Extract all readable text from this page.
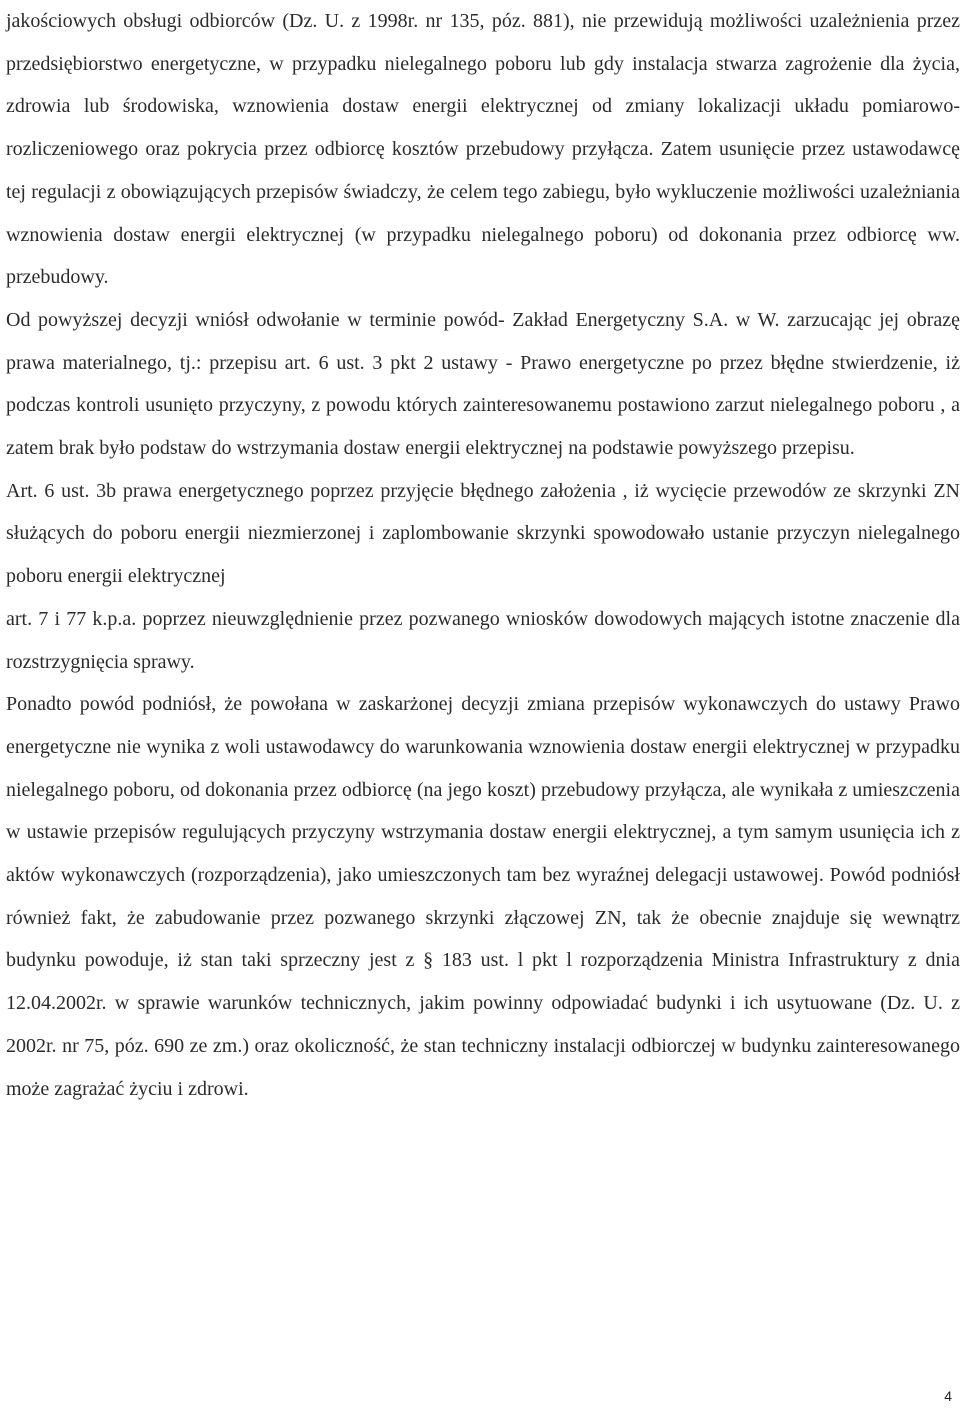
jakościowych obsługi odbiorców (Dz. U. z 1998r. nr 135, póz. 881), nie przewidują możliwości uzależnienia przez przedsiębiorstwo energetyczne, w przypadku nielegalnego poboru lub gdy instalacja stwarza zagrożenie dla życia, zdrowia lub środowiska, wznowienia dostaw energii elektrycznej od zmiany lokalizacji układu pomiarowo-rozliczeniowego oraz pokrycia przez odbiorcę kosztów przebudowy przyłącza. Zatem usunięcie przez ustawodawcę tej regulacji z obowiązujących przepisów świadczy, że celem tego zabiegu, było wykluczenie możliwości uzależniania wznowienia dostaw energii elektrycznej (w przypadku nielegalnego poboru) od dokonania przez odbiorcę ww. przebudowy.

Od powyższej decyzji wniósł odwołanie w terminie powód- Zakład Energetyczny S.A. w W. zarzucając jej obrazę prawa materialnego, tj.: przepisu art. 6 ust. 3 pkt 2 ustawy - Prawo energetyczne po przez błędne stwierdzenie, iż podczas kontroli usunięto przyczyny, z powodu których zainteresowanemu postawiono zarzut nielegalnego poboru , a zatem brak było podstaw do wstrzymania dostaw energii elektrycznej na podstawie powyższego przepisu.

Art. 6 ust. 3b prawa energetycznego poprzez przyjęcie błędnego założenia , iż wycięcie przewodów ze skrzynki ZN służących do poboru energii niezmierzonej i zaplombowanie skrzynki spowodowało ustanie przyczyn nielegalnego poboru energii elektrycznej

art. 7 i 77 k.p.a. poprzez nieuwzględnienie przez pozwanego wniosków dowodowych mających istotne znaczenie dla rozstrzygnięcia sprawy.

Ponadto powód podniósł, że powołana w zaskarżonej decyzji zmiana przepisów wykonawczych do ustawy Prawo energetyczne nie wynika z woli ustawodawcy do warunkowania wznowienia dostaw energii elektrycznej w przypadku nielegalnego poboru, od dokonania przez odbiorcę (na jego koszt) przebudowy przyłącza, ale wynikała z umieszczenia w ustawie przepisów regulujących przyczyny wstrzymania dostaw energii elektrycznej, a tym samym usunięcia ich z aktów wykonawczych (rozporządzenia), jako umieszczonych tam bez wyraźnej delegacji ustawowej. Powód podniósł również fakt, że zabudowanie przez pozwanego skrzynki złączowej ZN, tak że obecnie znajduje się wewnątrz budynku powoduje, iż stan taki sprzeczny jest z § 183 ust. l pkt l rozporządzenia Ministra Infrastruktury z dnia 12.04.2002r. w sprawie warunków technicznych, jakim powinny odpowiadać budynki i ich usytuowane (Dz. U. z 2002r. nr 75, póz. 690 ze zm.) oraz okoliczność, że stan techniczny instalacji odbiorczej w budynku zainteresowanego może zagrażać życiu i zdrowi.

4
